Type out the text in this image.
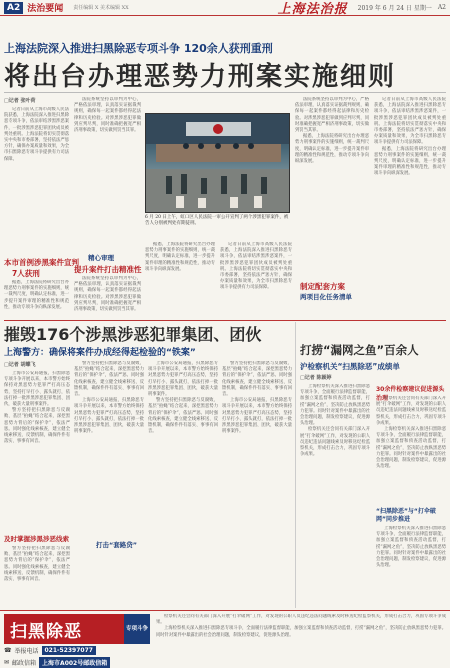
A2 法治要闻 责任编辑 X 美术编辑 XX	上海法治报 2019 年 6 月 24 日 星期一 A2
上海法院深入推进扫黑除恶专项斗争 120余人获刑重刑
将出台办理恶势力刑案实施细则
□记者 张叶荷

记者日前从上海市高级人民法院获悉，上海法院深入推进扫黑除恶专项斗争，依法审结涉黑涉恶案件，一批涉黑涉恶犯罪团伙成员被判处重刑。上海法院将切实贯彻落实中央和市委部署，坚持依法严惩方针，确保办案质量和效果，为全市扫黑除恶专项斗争提供有力司法保障。

法院系统坚持以审判为中心，严格依法审理，认真落实证据裁判规则，确保每一起案件都经得起法律和历史检验。对涉黑涉恶犯罪做到应判尽判，同时准确把握宽严相济刑事政策，切实做到罚当其罪。

本市首例涉黑案件宣判
7人获刑

据悉，上海法院将研究出台办理恶势力刑事案件的实施细则，统一裁判尺度，明确认定标准，进一步提升案件审理的精准性和规范性，推动专项斗争向纵深发展。

精心审理
提升案件打击精准性

法院系统坚持以审判为中心，严格依法审理，认真落实证据裁判规则，确保每一起案件都经得起法律和历史检验。对涉黑涉恶犯罪做到应判尽判，同时准确把握宽严相济刑事政策，切实做到罚当其罪。

据悉，上海法院将研究出台办理恶势力刑事案件的实施细则，统一裁判尺度，明确认定标准，进一步提升案件审理的精准性和规范性，推动专项斗争向纵深发展。

记者日前从上海市高级人民法院获悉，上海法院深入推进扫黑除恶专项斗争，依法审结涉黑涉恶案件，一批涉黑涉恶犯罪团伙成员被判处重刑。上海法院将切实贯彻落实中央和市委部署，坚持依法严惩方针，确保办案质量和效果，为全市扫黑除恶专项斗争提供有力司法保障。

法院系统坚持以审判为中心，严格依法审理，认真落实证据裁判规则，确保每一起案件都经得起法律和历史检验。对涉黑涉恶犯罪做到应判尽判，同时准确把握宽严相济刑事政策，切实做到罚当其罪。

据悉，上海法院将研究出台办理恶势力刑事案件的实施细则，统一裁判尺度，明确认定标准，进一步提升案件审理的精准性和规范性，推动专项斗争向纵深发展。

记者日前从上海市高级人民法院获悉，上海法院深入推进扫黑除恶专项斗争，依法审结涉黑涉恶案件，一批涉黑涉恶犯罪团伙成员被判处重刑。上海法院将切实贯彻落实中央和市委部署，坚持依法严惩方针，确保办案质量和效果，为全市扫黑除恶专项斗争提供有力司法保障。

据悉，上海法院将研究出台办理恶势力刑事案件的实施细则，统一裁判尺度，明确认定标准，进一步提升案件审理的精准性和规范性，推动专项斗争向纵深发展。

制定配套方案
两项目化任务清单
6 月 20 日上午，虹口区人民法院一审公开宣判了两个涉黑犯罪案件，被告人分别被判处有期徒刑。
摧毁176个涉黑涉恶犯罪集团、团伙
上海警方：确保将案件办成经得起检验的“铁案”
□记者 胡蝶飞

上海市公安局通报，扫黑除恶专项斗争开展以来，本市警方始终保持对黑恶势力犯罪严打高压态势，坚持打早打小、露头就打，依法打掉一批涉黑涉恶犯罪集团、团伙，破获大量刑事案件。

警方坚持把扫黑除恶与反腐败、基层“拍蝇”结合起来，深挖黑恶势力背后的“保护伞”，依法严惩。同时强化线索核查，建立健全线索移送、反馈机制，确保件件有落实、事事有回音。

及时掌握涉黑涉恶线索

警方坚持把扫黑除恶与反腐败、基层“拍蝇”结合起来，深挖黑恶势力背后的“保护伞”，依法严惩。同时强化线索核查，建立健全线索移送、反馈机制，确保件件有落实、事事有回音。

警方坚持把扫黑除恶与反腐败、基层“拍蝇”结合起来，深挖黑恶势力背后的“保护伞”，依法严惩。同时强化线索核查，建立健全线索移送、反馈机制，确保件件有落实、事事有回音。

上海市公安局通报，扫黑除恶专项斗争开展以来，本市警方始终保持对黑恶势力犯罪严打高压态势，坚持打早打小、露头就打，依法打掉一批涉黑涉恶犯罪集团、团伙，破获大量刑事案件。

打击“套路贷”

上海市公安局通报，扫黑除恶专项斗争开展以来，本市警方始终保持对黑恶势力犯罪严打高压态势，坚持打早打小、露头就打，依法打掉一批涉黑涉恶犯罪集团、团伙，破获大量刑事案件。

警方坚持把扫黑除恶与反腐败、基层“拍蝇”结合起来，深挖黑恶势力背后的“保护伞”，依法严惩。同时强化线索核查，建立健全线索移送、反馈机制，确保件件有落实、事事有回音。

警方坚持把扫黑除恶与反腐败、基层“拍蝇”结合起来，深挖黑恶势力背后的“保护伞”，依法严惩。同时强化线索核查，建立健全线索移送、反馈机制，确保件件有落实、事事有回音。

上海市公安局通报，扫黑除恶专项斗争开展以来，本市警方始终保持对黑恶势力犯罪严打高压态势，坚持打早打小、露头就打，依法打掉一批涉黑涉恶犯罪集团、团伙，破获大量刑事案件。

打捞“漏网之鱼”百余人
沪检察机关“扫黑除恶”成绩单
□记者 陈颖婷

上海检察机关深入推进扫黑除恶专项斗争，全面履行法律监督职能，加强立案监督和侦查活动监督，打捞“漏网之鱼”，坚决防止放纵黑恶势力犯罪。同时针对案件中暴露出的社会治理问题，制发检察建议，促进源头治理。

检察机关还会同有关部门深入开展“打伞破网”工作，对发现的公职人员违纪违法问题线索及时移送纪检监察机关，形成打击合力，巩固专项斗争成果。

30余件检察建议促进源头治理

检察机关还会同有关部门深入开展“打伞破网”工作，对发现的公职人员违纪违法问题线索及时移送纪检监察机关，形成打击合力，巩固专项斗争成果。

上海检察机关深入推进扫黑除恶专项斗争，全面履行法律监督职能，加强立案监督和侦查活动监督，打捞“漏网之鱼”，坚决防止放纵黑恶势力犯罪。同时针对案件中暴露出的社会治理问题，制发检察建议，促进源头治理。

“扫黑除恶”与“打伞破网”同步推进

上海检察机关深入推进扫黑除恶专项斗争，全面履行法律监督职能，加强立案监督和侦查活动监督，打捞“漏网之鱼”，坚决防止放纵黑恶势力犯罪。同时针对案件中暴露出的社会治理问题，制发检察建议，促进源头治理。

扫黑除恶	专项斗争
☎ 举报电话	021-52397077
✉ 邮政信箱	上海市A002号邮政信箱

检察机关还会同有关部门深入开展“打伞破网”工作，对发现的公职人员违纪违法问题线索及时移送纪检监察机关，形成打击合力，巩固专项斗争成果。

上海检察机关深入推进扫黑除恶专项斗争，全面履行法律监督职能，加强立案监督和侦查活动监督，打捞“漏网之鱼”，坚决防止放纵黑恶势力犯罪。同时针对案件中暴露出的社会治理问题，制发检察建议，促进源头治理。
